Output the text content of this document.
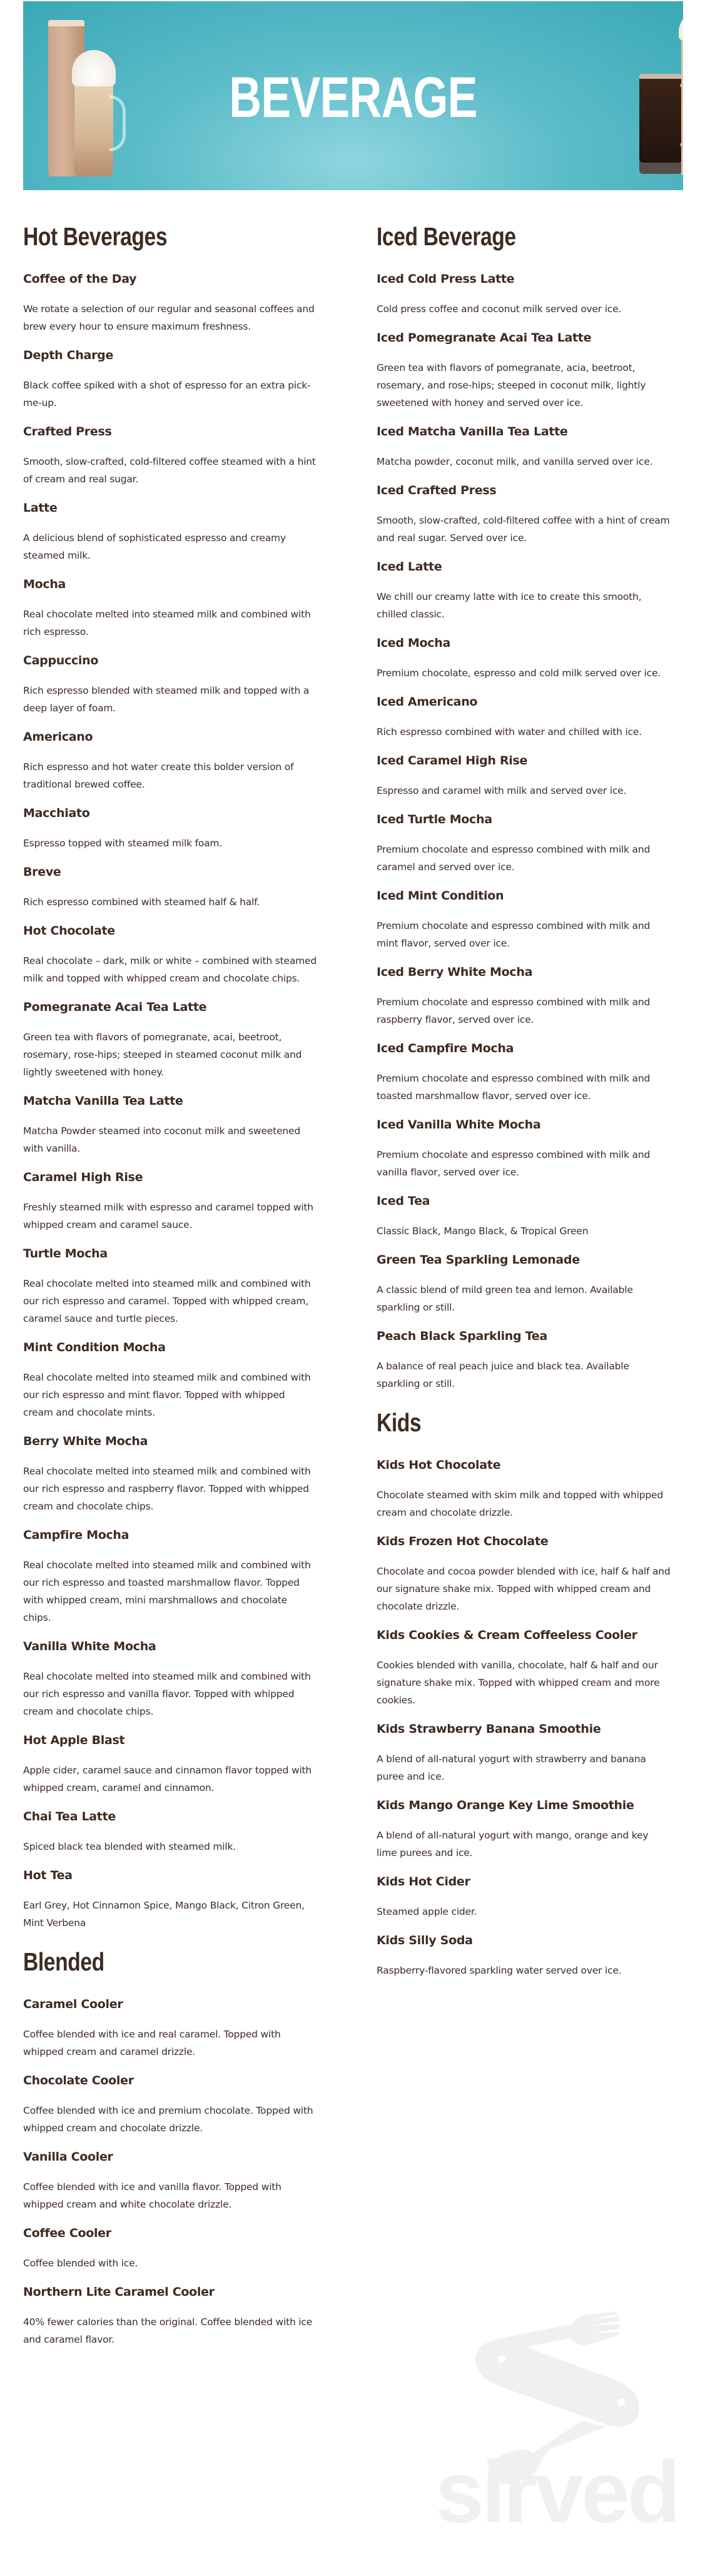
BEVERAGE
Hot Beverages
Coffee of the Day
We rotate a selection of our regular and seasonal coffees and brew every hour to ensure maximum freshness.
Depth Charge
Black coffee spiked with a shot of espresso for an extra pick-me-up.
Crafted Press
Smooth, slow-crafted, cold-filtered coffee steamed with a hint of cream and real sugar.
Latte
A delicious blend of sophisticated espresso and creamy steamed milk.
Mocha
Real chocolate melted into steamed milk and combined with rich espresso.
Cappuccino
Rich espresso blended with steamed milk and topped with a deep layer of foam.
Americano
Rich espresso and hot water create this bolder version of traditional brewed coffee.
Macchiato
Espresso topped with steamed milk foam.
Breve
Rich espresso combined with steamed half & half.
Hot Chocolate
Real chocolate – dark, milk or white – combined with steamed milk and topped with whipped cream and chocolate chips.
Pomegranate Acai Tea Latte
Green tea with flavors of pomegranate, acai, beetroot, rosemary, rose-hips; steeped in steamed coconut milk and lightly sweetened with honey.
Matcha Vanilla Tea Latte
Matcha Powder steamed into coconut milk and sweetened with vanilla.
Caramel High Rise
Freshly steamed milk with espresso and caramel topped with whipped cream and caramel sauce.
Turtle Mocha
Real chocolate melted into steamed milk and combined with our rich espresso and caramel. Topped with whipped cream, caramel sauce and turtle pieces.
Mint Condition Mocha
Real chocolate melted into steamed milk and combined with our rich espresso and mint flavor. Topped with whipped cream and chocolate mints.
Berry White Mocha
Real chocolate melted into steamed milk and combined with our rich espresso and raspberry flavor. Topped with whipped cream and chocolate chips.
Campfire Mocha
Real chocolate melted into steamed milk and combined with our rich espresso and toasted marshmallow flavor. Topped with whipped cream, mini marshmallows and chocolate chips.
Vanilla White Mocha
Real chocolate melted into steamed milk and combined with our rich espresso and vanilla flavor. Topped with whipped cream and chocolate chips.
Hot Apple Blast
Apple cider, caramel sauce and cinnamon flavor topped with whipped cream, caramel and cinnamon.
Chai Tea Latte
Spiced black tea blended with steamed milk.
Hot Tea
Earl Grey, Hot Cinnamon Spice, Mango Black, Citron Green, Mint Verbena
Blended
Caramel Cooler
Coffee blended with ice and real caramel. Topped with whipped cream and caramel drizzle.
Chocolate Cooler
Coffee blended with ice and premium chocolate. Topped with whipped cream and chocolate drizzle.
Vanilla Cooler
Coffee blended with ice and vanilla flavor. Topped with whipped cream and white chocolate drizzle.
Coffee Cooler
Coffee blended with ice.
Northern Lite Caramel Cooler
40% fewer calories than the original. Coffee blended with ice and caramel flavor.
Iced Beverage
Iced Cold Press Latte
Cold press coffee and coconut milk served over ice.
Iced Pomegranate Acai Tea Latte
Green tea with flavors of pomegranate, acia, beetroot, rosemary, and rose-hips; steeped in coconut milk, lightly sweetened with honey and served over ice.
Iced Matcha Vanilla Tea Latte
Matcha powder, coconut milk, and vanilla served over ice.
Iced Crafted Press
Smooth, slow-crafted, cold-filtered coffee with a hint of cream and real sugar. Served over ice.
Iced Latte
We chill our creamy latte with ice to create this smooth, chilled classic.
Iced Mocha
Premium chocolate, espresso and cold milk served over ice.
Iced Americano
Rich espresso combined with water and chilled with ice.
Iced Caramel High Rise
Espresso and caramel with milk and served over ice.
Iced Turtle Mocha
Premium chocolate and espresso combined with milk and caramel and served over ice.
Iced Mint Condition
Premium chocolate and espresso combined with milk and mint flavor, served over ice.
Iced Berry White Mocha
Premium chocolate and espresso combined with milk and raspberry flavor, served over ice.
Iced Campfire Mocha
Premium chocolate and espresso combined with milk and toasted marshmallow flavor, served over ice.
Iced Vanilla White Mocha
Premium chocolate and espresso combined with milk and vanilla flavor, served over ice.
Iced Tea
Classic Black, Mango Black, & Tropical Green
Green Tea Sparkling Lemonade
A classic blend of mild green tea and lemon. Available sparkling or still.
Peach Black Sparkling Tea
A balance of real peach juice and black tea. Available sparkling or still.
Kids
Kids Hot Chocolate
Chocolate steamed with skim milk and topped with whipped cream and chocolate drizzle.
Kids Frozen Hot Chocolate
Chocolate and cocoa powder blended with ice, half & half and our signature shake mix. Topped with whipped cream and chocolate drizzle.
Kids Cookies & Cream Coffeeless Cooler
Cookies blended with vanilla, chocolate, half & half and our signature shake mix. Topped with whipped cream and more cookies.
Kids Strawberry Banana Smoothie
A blend of all-natural yogurt with strawberry and banana puree and ice.
Kids Mango Orange Key Lime Smoothie
A blend of all-natural yogurt with mango, orange and key lime purees and ice.
Kids Hot Cider
Steamed apple cider.
Kids Silly Soda
Raspberry-flavored sparkling water served over ice.
sirved
